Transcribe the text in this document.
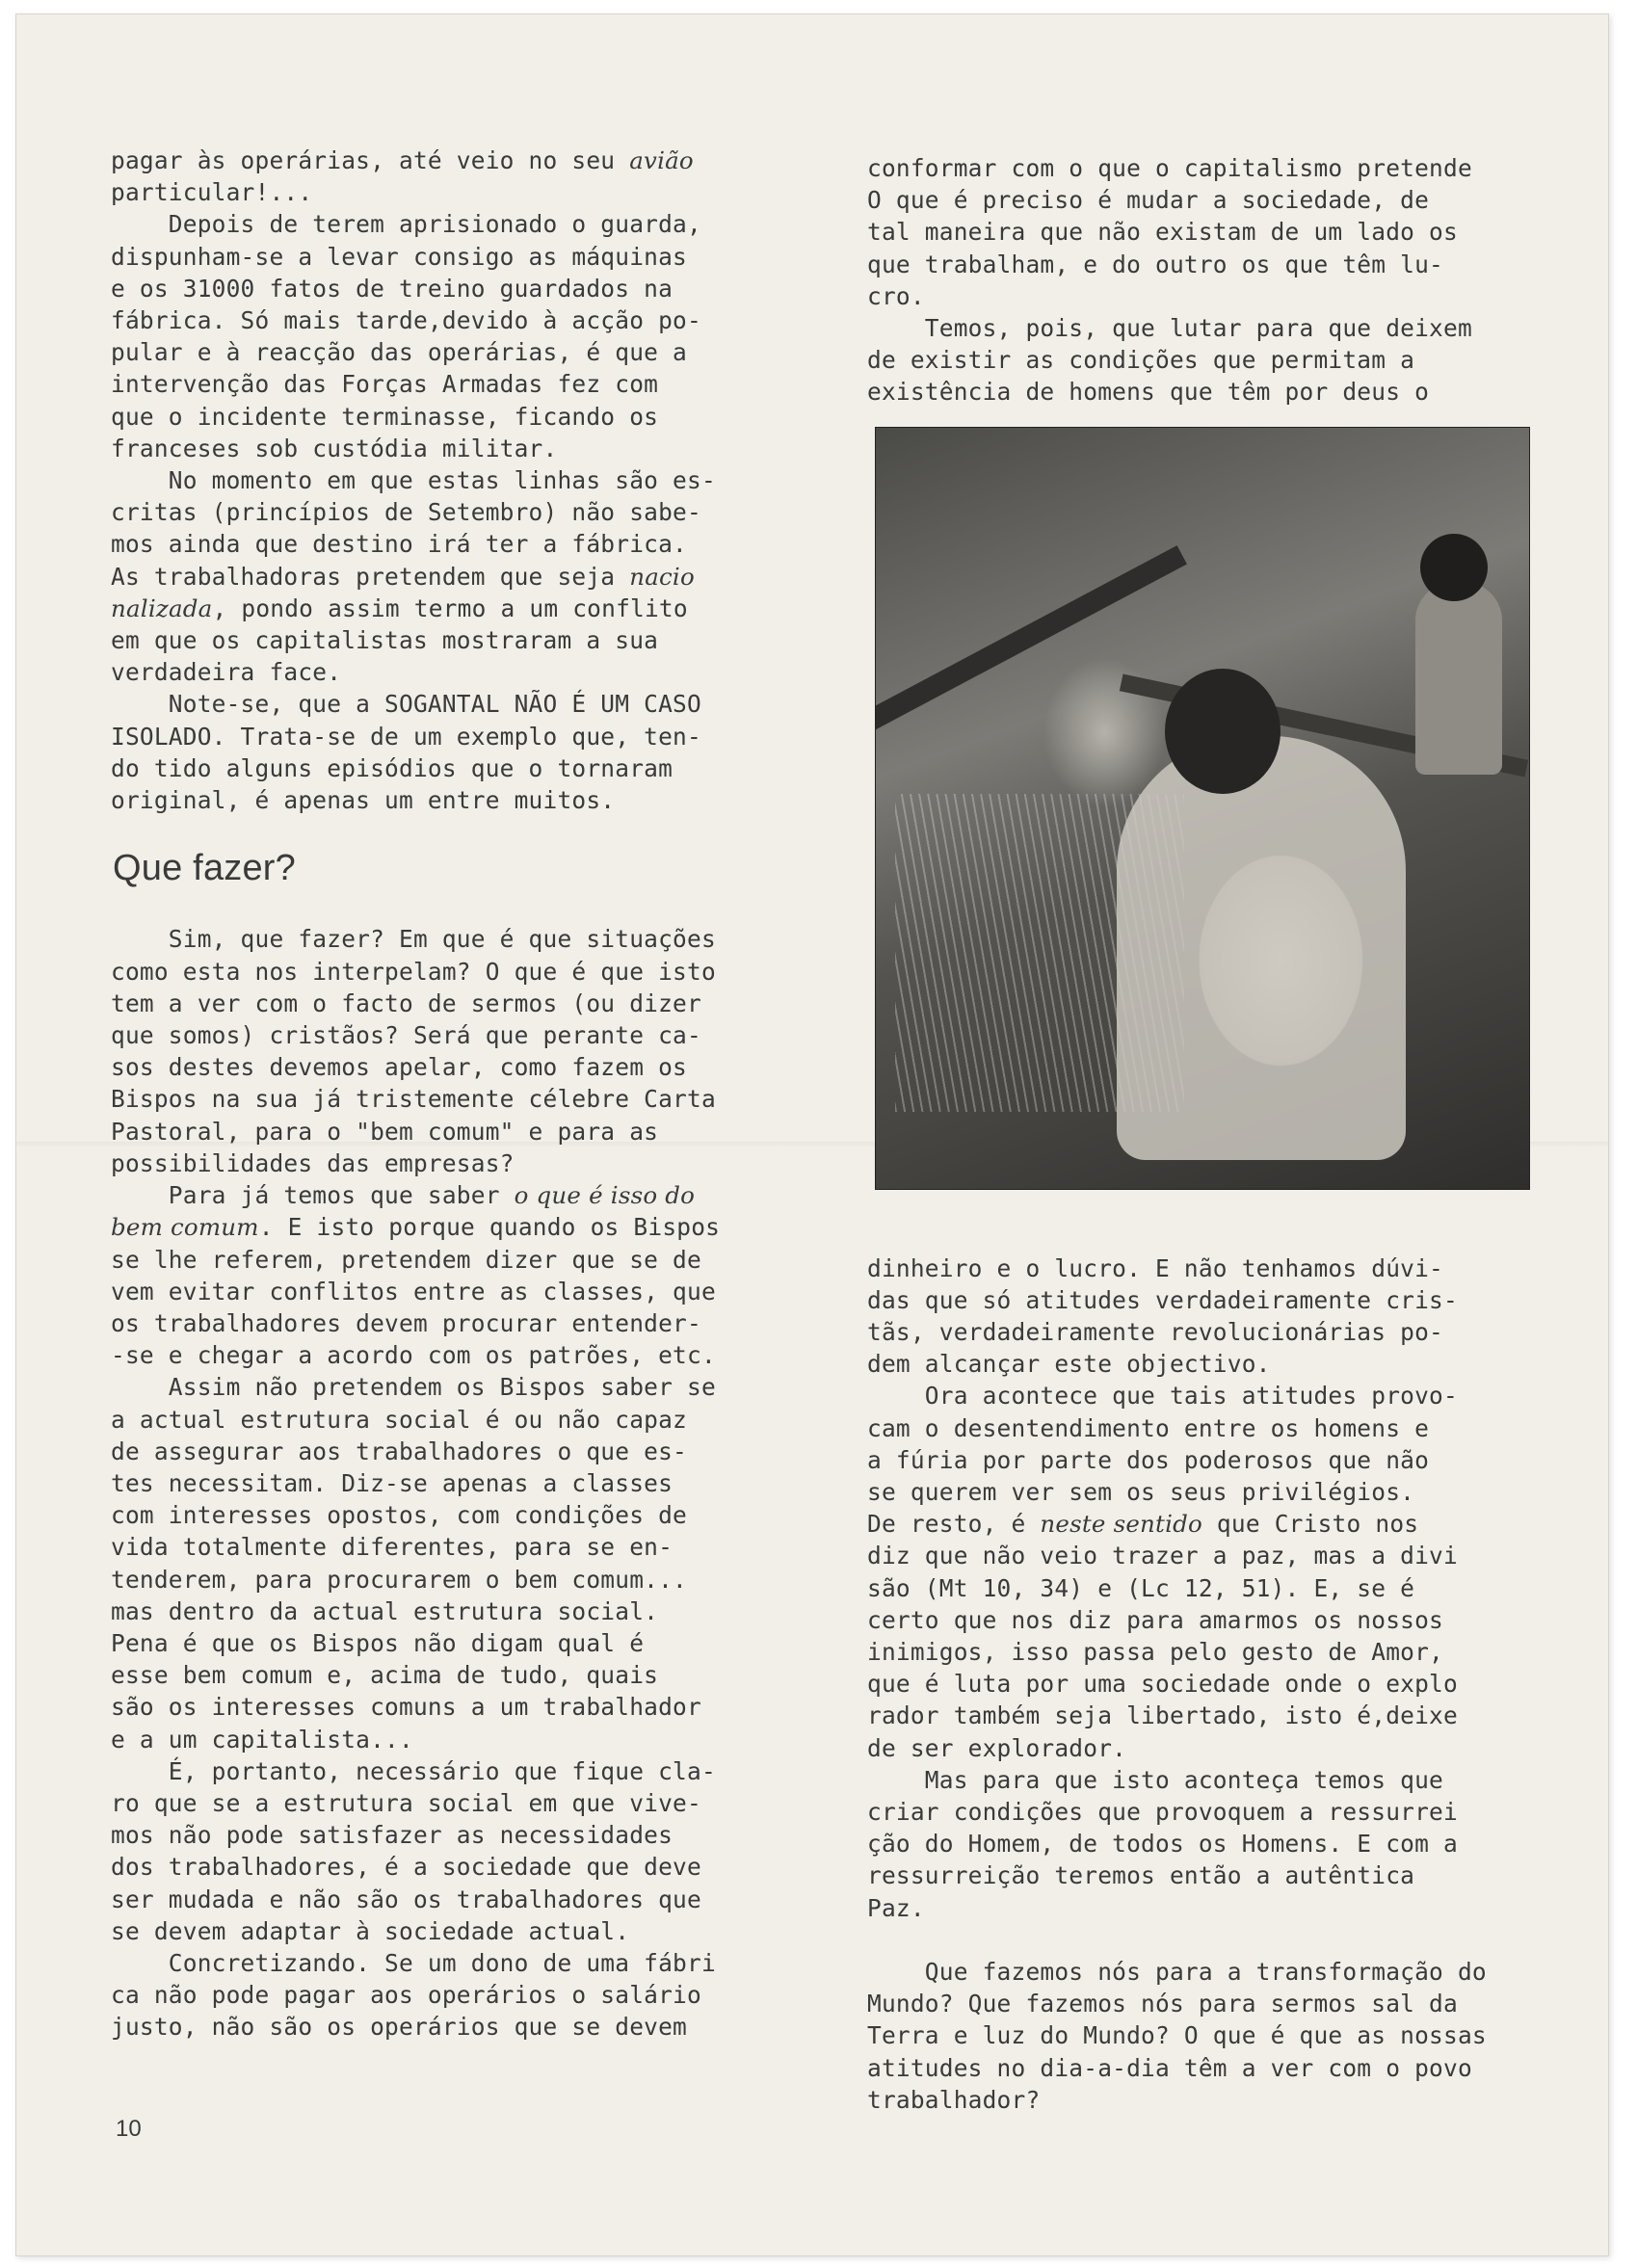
pagar às operárias, até veio no seu avião
particular!...
Depois de terem aprisionado o guarda,
dispunham-se a levar consigo as máquinas
e os 31000 fatos de treino guardados na
fábrica. Só mais tarde,devido à acção po-
pular e à reacção das operárias, é que a
intervenção das Forças Armadas fez com
que o incidente terminasse, ficando os
franceses sob custódia militar.
No momento em que estas linhas são es-
critas (princípios de Setembro) não sabe-
mos ainda que destino irá ter a fábrica.
As trabalhadoras pretendem que seja nacio
nalizada, pondo assim termo a um conflito
em que os capitalistas mostraram a sua
verdadeira face.
Note-se, que a SOGANTAL NÃO É UM CASO
ISOLADO. Trata-se de um exemplo que, ten-
do tido alguns episódios que o tornaram
original, é apenas um entre muitos.
Que fazer?
Sim, que fazer? Em que é que situações
como esta nos interpelam? O que é que isto
tem a ver com o facto de sermos (ou dizer
que somos) cristãos? Será que perante ca-
sos destes devemos apelar, como fazem os
Bispos na sua já tristemente célebre Carta
Pastoral, para o "bem comum" e para as
possibilidades das empresas?
Para já temos que saber o que é isso do
bem comum. E isto porque quando os Bispos
se lhe referem, pretendem dizer que se de
vem evitar conflitos entre as classes, que
os trabalhadores devem procurar entender-
-se e chegar a acordo com os patrões, etc.
Assim não pretendem os Bispos saber se
a actual estrutura social é ou não capaz
de assegurar aos trabalhadores o que es-
tes necessitam. Diz-se apenas a classes
com interesses opostos, com condições de
vida totalmente diferentes, para se en-
tenderem, para procurarem o bem comum...
mas dentro da actual estrutura social.
Pena é que os Bispos não digam qual é
esse bem comum e, acima de tudo, quais
são os interesses comuns a um trabalhador
e a um capitalista...
É, portanto, necessário que fique cla-
ro que se a estrutura social em que vive-
mos não pode satisfazer as necessidades
dos trabalhadores, é a sociedade que deve
ser mudada e não são os trabalhadores que
se devem adaptar à sociedade actual.
Concretizando. Se um dono de uma fábri
ca não pode pagar aos operários o salário
justo, não são os operários que se devem
conformar com o que o capitalismo pretende
O que é preciso é mudar a sociedade, de
tal maneira que não existam de um lado os
que trabalham, e do outro os que têm lu-
cro.
Temos, pois, que lutar para que deixem
de existir as condições que permitam a
existência de homens que têm por deus o
dinheiro e o lucro. E não tenhamos dúvi-
das que só atitudes verdadeiramente cris-
tãs, verdadeiramente revolucionárias po-
dem alcançar este objectivo.
Ora acontece que tais atitudes provo-
cam o desentendimento entre os homens e
a fúria por parte dos poderosos que não
se querem ver sem os seus privilégios.
De resto, é neste sentido que Cristo nos
diz que não veio trazer a paz, mas a divi
são (Mt 10, 34) e (Lc 12, 51). E, se é
certo que nos diz para amarmos os nossos
inimigos, isso passa pelo gesto de Amor,
que é luta por uma sociedade onde o explo
rador também seja libertado, isto é,deixe
de ser explorador.
Mas para que isto aconteça temos que
criar condições que provoquem a ressurrei
ção do Homem, de todos os Homens. E com a
ressurreição teremos então a autêntica
Paz.
Que fazemos nós para a transformação do
Mundo? Que fazemos nós para sermos sal da
Terra e luz do Mundo? O que é que as nossas
atitudes no dia-a-dia têm a ver com o povo
trabalhador?
10
